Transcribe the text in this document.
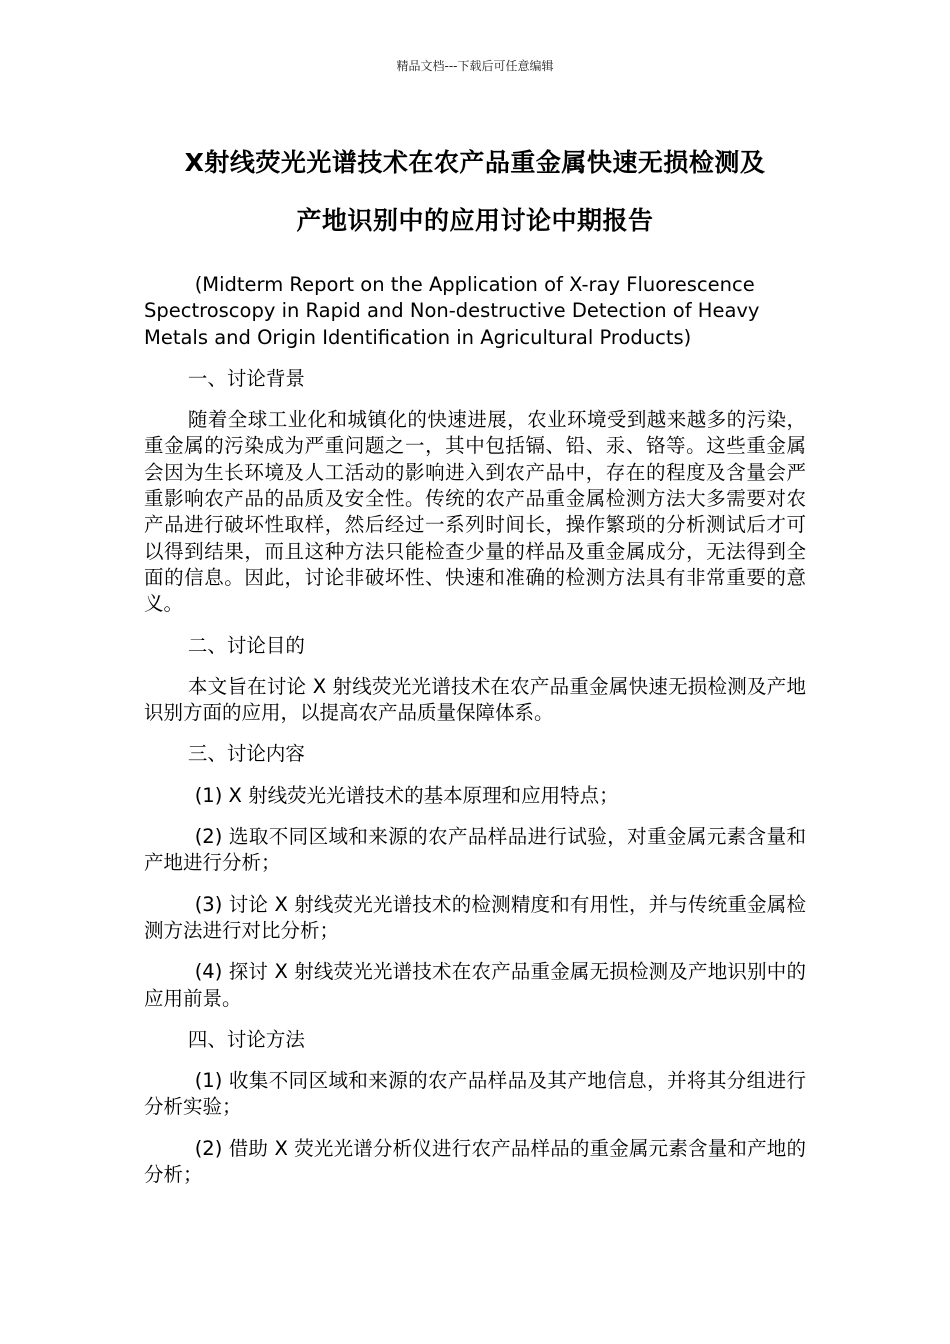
精品文档---下载后可任意编辑
X射线荧光光谱技术在农产品重金属快速无损检测及
产地识别中的应用讨论中期报告

(Midterm Report on the Application of X-ray Fluorescence Spectroscopy in Rapid and Non-destructive Detection of Heavy Metals and Origin Identification in Agricultural Products)

一、讨论背景

随着全球工业化和城镇化的快速进展，农业环境受到越来越多的污染，重金属的污染成为严重问题之一，其中包括镉、铅、汞、铬等。这些重金属会因为生长环境及人工活动的影响进入到农产品中，存在的程度及含量会严重影响农产品的品质及安全性。传统的农产品重金属检测方法大多需要对农产品进行破坏性取样，然后经过一系列时间长，操作繁琐的分析测试后才可以得到结果，而且这种方法只能检查少量的样品及重金属成分，无法得到全面的信息。因此，讨论非破坏性、快速和准确的检测方法具有非常重要的意义。

二、讨论目的

本文旨在讨论 X 射线荧光光谱技术在农产品重金属快速无损检测及产地识别方面的应用，以提高农产品质量保障体系。

三、讨论内容

(1) X 射线荧光光谱技术的基本原理和应用特点；

(2) 选取不同区域和来源的农产品样品进行试验，对重金属元素含量和产地进行分析；

(3) 讨论 X 射线荧光光谱技术的检测精度和有用性，并与传统重金属检测方法进行对比分析；

(4) 探讨 X 射线荧光光谱技术在农产品重金属无损检测及产地识别中的应用前景。

四、讨论方法

(1) 收集不同区域和来源的农产品样品及其产地信息，并将其分组进行分析实验；

(2) 借助 X 荧光光谱分析仪进行农产品样品的重金属元素含量和产地的分析；
